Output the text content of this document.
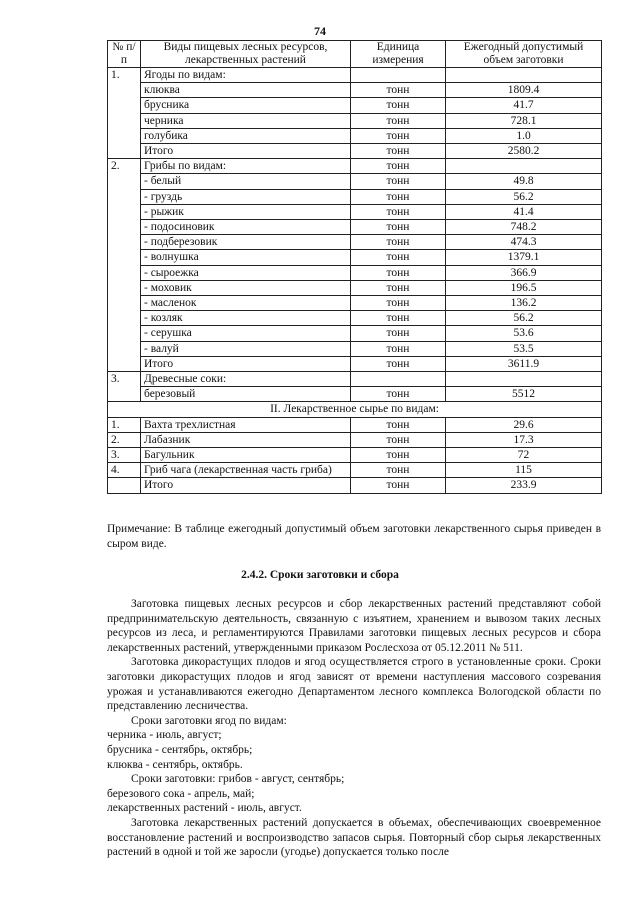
74
№ п/п	Виды пищевых лесных ресурсов, лекарственных растений	Единица измерения	Ежегодный допустимый объем заготовки
1.	Ягоды по видам:		
	клюква	тонн	1809.4
	брусника	тонн	41.7
	черника	тонн	728.1
	голубика	тонн	1.0
	Итого	тонн	2580.2
2.	Грибы по видам:	тонн	
	- белый	тонн	49.8
	- груздь	тонн	56.2
	- рыжик	тонн	41.4
	- подосиновик	тонн	748.2
	- подберезовик	тонн	474.3
	- волнушка	тонн	1379.1
	- сыроежка	тонн	366.9
	- моховик	тонн	196.5
	- масленок	тонн	136.2
	- козляк	тонн	56.2
	- серушка	тонн	53.6
	- валуй	тонн	53.5
	Итого	тонн	3611.9
3.	Древесные соки:		
	березовый	тонн	5512
II. Лекарственное сырье по видам:			
1.	Вахта трехлистная	тонн	29.6
2.	Лабазник	тонн	17.3
3.	Багульник	тонн	72
4.	Гриб чага (лекарственная часть гриба)	тонн	115
	Итого	тонн	233.9
Примечание: В таблице ежегодный допустимый объем заготовки лекарственного сырья приведен в сыром виде.
2.4.2. Сроки заготовки и сбора

Заготовка пищевых лесных ресурсов и сбор лекарственных растений представляют собой предпринимательскую деятельность, связанную с изъятием, хранением и вывозом таких лесных ресурсов из леса, и регламентируются Правилами заготовки пищевых лесных ресурсов и сбора лекарственных растений, утвержденными приказом Рослесхоза от 05.12.2011 № 511.

Заготовка дикорастущих плодов и ягод осуществляется строго в установленные сроки. Сроки заготовки дикорастущих плодов и ягод зависят от времени наступления массового созревания урожая и устанавливаются ежегодно Департаментом лесного комплекса Вологодской области по представлению лесничества.

Сроки заготовки ягод по видам:

черника - июль, август;

брусника - сентябрь, октябрь;

клюква - сентябрь, октябрь.

Сроки заготовки: грибов - август, сентябрь;

березового сока - апрель, май;

лекарственных растений - июль, август.

Заготовка лекарственных растений допускается в объемах, обеспечивающих своевременное восстановление растений и воспроизводство запасов сырья. Повторный сбор сырья лекарственных растений в одной и той же заросли (угодье) допускается только после
